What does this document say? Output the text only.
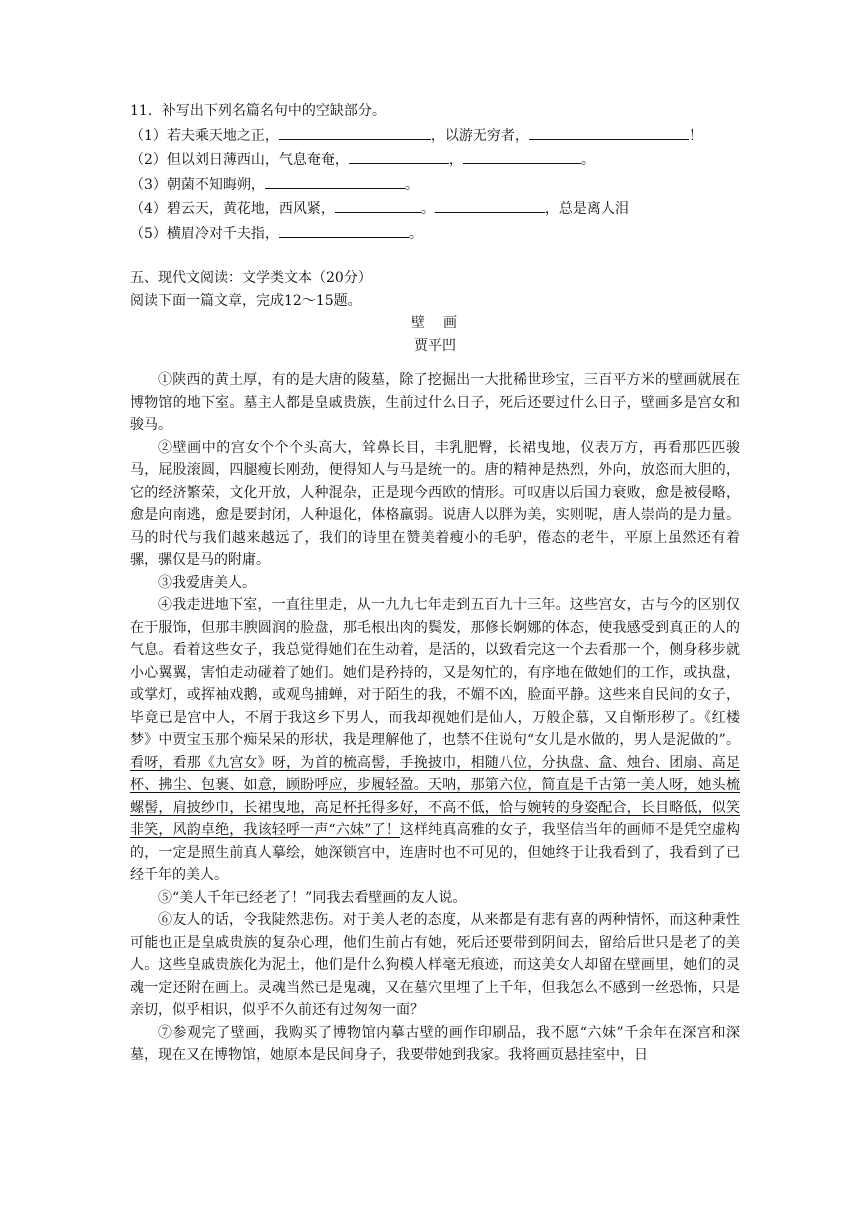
11．补写出下列名篇名句中的空缺部分。
（1）若夫乘天地之正，	，以游无穷者，	！
（2）但以刘日薄西山，气息奄奄，	，	。
（3）朝菌不知晦朔，	。
（4）碧云天，黄花地，西风紧，	。	，总是离人泪
（5）横眉冷对千夫指，	。
五、现代文阅读：文学类文本（20分）
阅读下面一篇文章，完成12～15题。
壁　画
贾平凹

①陕西的黄土厚，有的是大唐的陵墓，除了挖掘出一大批稀世珍宝，三百平方米的壁画就展在博物馆的地下室。墓主人都是皇戚贵族，生前过什么日子，死后还要过什么日子，壁画多是宫女和骏马。

②壁画中的宫女个个个头高大，耸鼻长目，丰乳肥臀，长裙曳地，仪表万方，再看那匹匹骏马，屁股滚圆，四腿瘦长刚劲，便得知人与马是统一的。唐的精神是热烈，外向，放恣而大胆的，它的经济繁荣，文化开放，人种混杂，正是现今西欧的情形。可叹唐以后国力衰败，愈是被侵略，愈是向南逃，愈是要封闭，人种退化，体格羸弱。说唐人以胖为美，实则呢，唐人崇尚的是力量。马的时代与我们越来越远了，我们的诗里在赞美着瘦小的毛驴，倦态的老牛，平原上虽然还有着骡，骡仅是马的附庸。

③我爱唐美人。

④我走进地下室，一直往里走，从一九九七年走到五百九十三年。这些宫女，古与今的区别仅在于服饰，但那丰腴圆润的脸盘，那毛根出肉的鬓发，那修长婀娜的体态，使我感受到真正的人的气息。看着这些女子，我总觉得她们在生动着，是活的，以致看完这一个去看那一个，侧身移步就小心翼翼，害怕走动碰着了她们。她们是矜持的，又是匆忙的，有序地在做她们的工作，或执盘，或掌灯，或挥袖戏鹅，或观鸟捕蝉，对于陌生的我，不媚不凶，脸面平静。这些来自民间的女子，毕竟已是宫中人，不屑于我这乡下男人，而我却视她们是仙人，万般企慕，又自惭形秽了。《红楼梦》中贾宝玉那个痴呆呆的形状，我是理解他了，也禁不住说句“女儿是水做的，男人是泥做的”。看呀，看那《九宫女》呀，为首的梳高髻，手挽披巾，相随八位，分执盘、盒、烛台、团扇、高足杯、拂尘、包裹、如意，顾盼呼应，步履轻盈。天呐，那第六位，简直是千古第一美人呀，她头梳螺髻，肩披纱巾，长裙曳地，高足杯托得多好，不高不低，恰与婉转的身姿配合，长目略低，似笑非笑，风韵卓绝，我该轻呼一声“六妹”了！这样纯真高雅的女子，我坚信当年的画师不是凭空虚构的，一定是照生前真人摹绘，她深锁宫中，连唐时也不可见的，但她终于让我看到了，我看到了已经千年的美人。

⑤“美人千年已经老了！”同我去看壁画的友人说。

⑥友人的话，令我陡然悲伤。对于美人老的态度，从来都是有悲有喜的两种情怀，而这种秉性可能也正是皇戚贵族的复杂心理，他们生前占有她，死后还要带到阴间去，留给后世只是老了的美人。这些皇戚贵族化为泥土，他们是什么狗模人样毫无痕迹，而这美女人却留在壁画里，她们的灵魂一定还附在画上。灵魂当然已是鬼魂，又在墓穴里埋了上千年，但我怎么不感到一丝恐怖，只是亲切，似乎相识，似乎不久前还有过匆匆一面？

⑦参观完了壁画，我购买了博物馆内摹古壁的画作印刷品，我不愿“六妹”千余年在深宫和深墓，现在又在博物馆，她原本是民间身子，我要带她到我家。我将画页悬挂室中，日
